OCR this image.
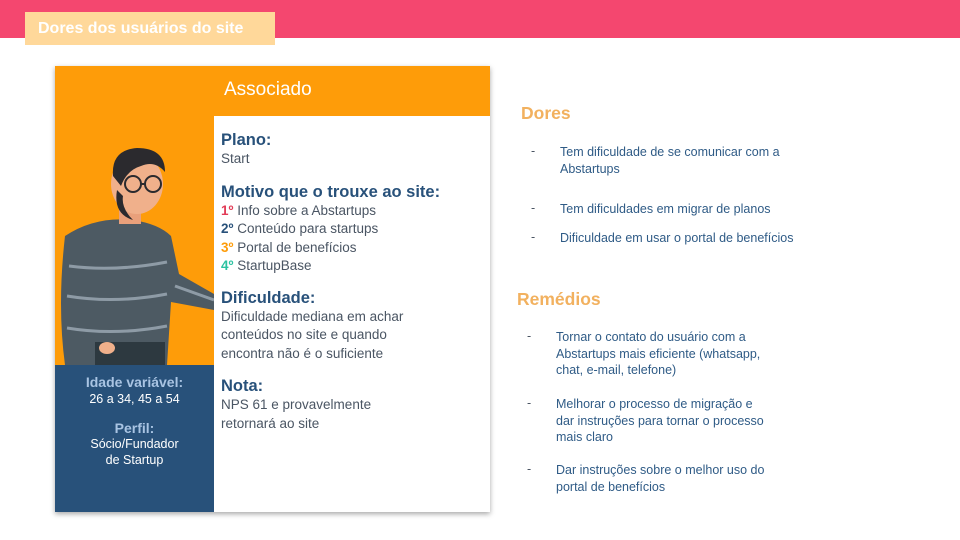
Dores dos usuários do site
Associado
Idade variável:
26 a 34, 45 a 54
Perfil:
Sócio/Fundador
de Startup
Plano:
Start
Motivo que o trouxe ao site:
1º Info sobre a Abstartups
2º Conteúdo para startups
3º Portal de benefícios
4º StartupBase
Dificuldade:
Dificuldade mediana em achar
conteúdos no site e quando
encontra não é o suficiente
Nota:
NPS 61 e provavelmente
retornará ao site
Dores
- Tem dificuldade de se comunicar com a
Abstartups
- Tem dificuldades em migrar de planos
- Dificuldade em usar o portal de benefícios
Remédios
- Tornar o contato do usuário com a
Abstartups mais eficiente (whatsapp,
chat, e-mail, telefone)
- Melhorar o processo de migração e
dar instruções para tornar o processo
mais claro
- Dar instruções sobre o melhor uso do
portal de benefícios
